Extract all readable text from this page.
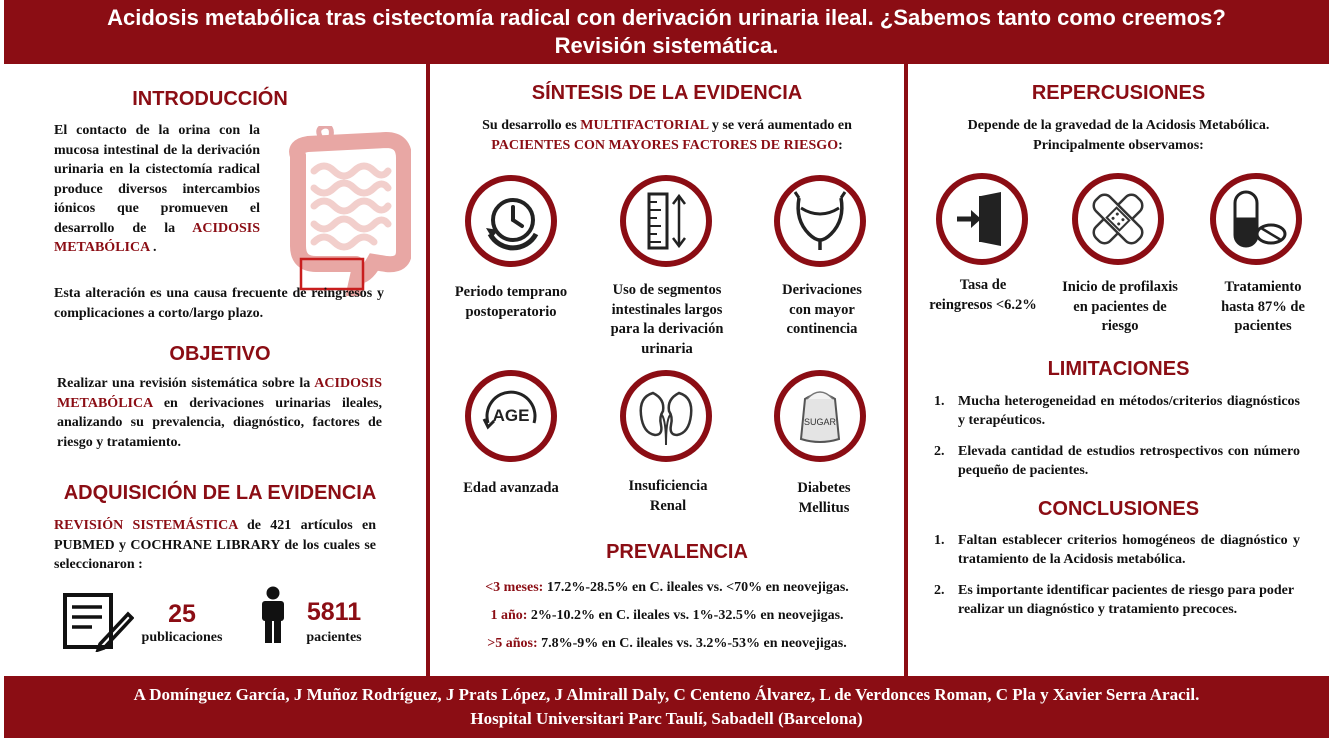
Acidosis metabólica tras cistectomía radical con derivación urinaria ileal. ¿Sabemos tanto como creemos?
Revisión sistemática.
INTRODUCCIÓN
El contacto de la orina con la mucosa intestinal de la derivación urinaria en la cistectomía radical produce diversos intercambios iónicos que promueven el desarrollo de la ACIDOSIS METABÓLICA .
Esta alteración es una causa frecuente de reingresos y complicaciones a corto/largo plazo.
OBJETIVO
Realizar una revisión sistemática sobre la ACIDOSIS METABÓLICA en derivaciones urinarias ileales, analizando su prevalencia, diagnóstico, factores de riesgo y tratamiento.
ADQUISICIÓN DE LA EVIDENCIA
REVISIÓN SISTEMÁSTICA de 421 artículos en PUBMED y COCHRANE LIBRARY de los cuales se seleccionaron :
25
publicaciones
5811
pacientes
SÍNTESIS DE LA EVIDENCIA
Su desarrollo es MULTIFACTORIAL y se verá aumentado en
PACIENTES CON MAYORES FACTORES DE RIESGO:
Periodo temprano postoperatorio
Uso de segmentos intestinales largos para la derivación urinaria
Derivaciones con mayor continencia
AGE	SUGAR
Edad avanzada	Insuficiencia Renal
Diabetes Mellitus
PREVALENCIA
<3 meses: 17.2%-28.5% en C. ileales vs. <70% en neovejigas.
1 año: 2%-10.2% en C. ileales vs. 1%-32.5% en neovejigas.
>5 años: 7.8%-9% en C. ileales vs. 3.2%-53% en neovejigas.
REPERCUSIONES
Depende de la gravedad de la Acidosis Metabólica.
Principalmente observamos:
Tasa de reingresos <6.2%
Inicio de profilaxis en pacientes de riesgo
Tratamiento hasta 87% de pacientes
LIMITACIONES
1. Mucha heterogeneidad en métodos/criterios diagnósticos y terapéuticos.
2. Elevada cantidad de estudios retrospectivos con número pequeño de pacientes.
CONCLUSIONES
1. Faltan establecer criterios homogéneos de diagnóstico y tratamiento de la Acidosis metabólica.
2. Es importante identificar pacientes de riesgo para poder realizar un diagnóstico y tratamiento precoces.
A Domínguez García, J Muñoz Rodríguez, J Prats López, J Almirall Daly, C Centeno Álvarez, L de Verdonces Roman, C Pla y Xavier Serra Aracil.
Hospital Universitari Parc Taulí, Sabadell (Barcelona)
